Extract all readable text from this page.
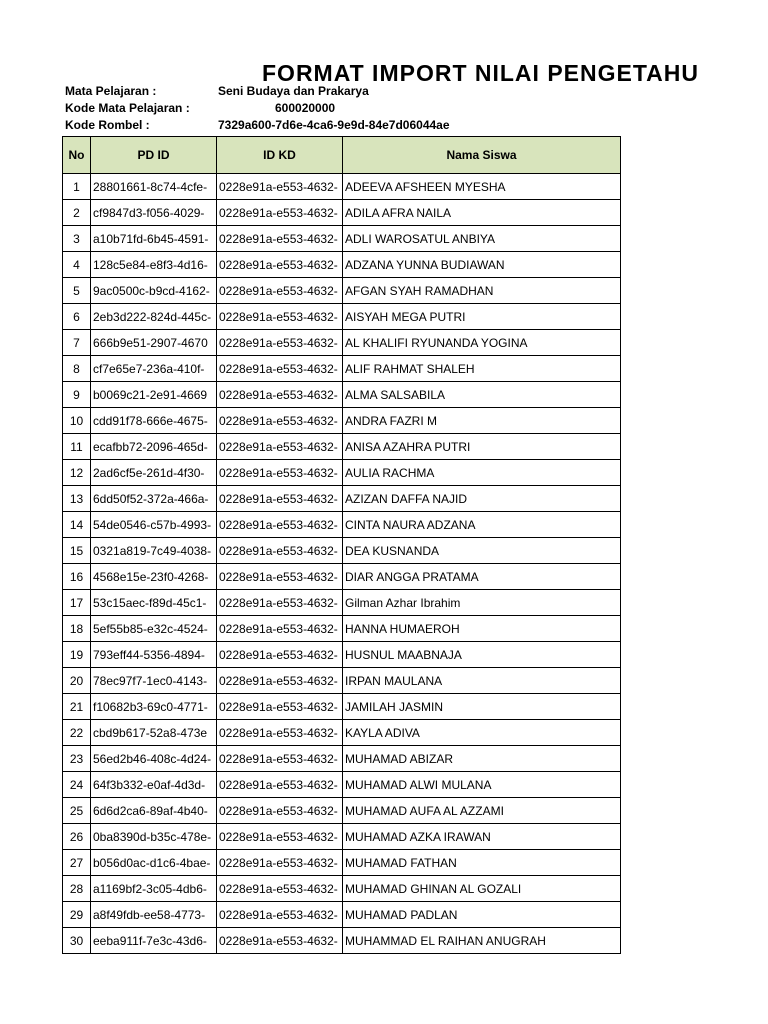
FORMAT IMPORT NILAI PENGETAHU
Mata Pelajaran :	Seni Budaya dan Prakarya
Kode Mata Pelajaran :	600020000
Kode Rombel :	7329a600-7d6e-4ca6-9e9d-84e7d06044ae
No	PD ID	ID KD	Nama Siswa
1	28801661-8c74-4cfe-	0228e91a-e553-4632-	ADEEVA AFSHEEN MYESHA
2	cf9847d3-f056-4029-	0228e91a-e553-4632-	ADILA AFRA NAILA
3	a10b71fd-6b45-4591-	0228e91a-e553-4632-	ADLI WAROSATUL ANBIYA
4	128c5e84-e8f3-4d16-	0228e91a-e553-4632-	ADZANA YUNNA BUDIAWAN
5	9ac0500c-b9cd-4162-	0228e91a-e553-4632-	AFGAN SYAH RAMADHAN
6	2eb3d222-824d-445c-	0228e91a-e553-4632-	AISYAH MEGA PUTRI
7	666b9e51-2907-4670	0228e91a-e553-4632-	AL KHALIFI RYUNANDA YOGINA
8	cf7e65e7-236a-410f-	0228e91a-e553-4632-	ALIF RAHMAT SHALEH
9	b0069c21-2e91-4669	0228e91a-e553-4632-	ALMA SALSABILA
10	cdd91f78-666e-4675-	0228e91a-e553-4632-	ANDRA FAZRI M
11	ecafbb72-2096-465d-	0228e91a-e553-4632-	ANISA AZAHRA PUTRI
12	2ad6cf5e-261d-4f30-	0228e91a-e553-4632-	AULIA RACHMA
13	6dd50f52-372a-466a-	0228e91a-e553-4632-	AZIZAN DAFFA NAJID
14	54de0546-c57b-4993-	0228e91a-e553-4632-	CINTA NAURA ADZANA
15	0321a819-7c49-4038-	0228e91a-e553-4632-	DEA KUSNANDA
16	4568e15e-23f0-4268-	0228e91a-e553-4632-	DIAR ANGGA PRATAMA
17	53c15aec-f89d-45c1-	0228e91a-e553-4632-	Gilman Azhar Ibrahim
18	5ef55b85-e32c-4524-	0228e91a-e553-4632-	HANNA HUMAEROH
19	793eff44-5356-4894-	0228e91a-e553-4632-	HUSNUL MAABNAJA
20	78ec97f7-1ec0-4143-	0228e91a-e553-4632-	IRPAN MAULANA
21	f10682b3-69c0-4771-	0228e91a-e553-4632-	JAMILAH JASMIN
22	cbd9b617-52a8-473e	0228e91a-e553-4632-	KAYLA ADIVA
23	56ed2b46-408c-4d24-	0228e91a-e553-4632-	MUHAMAD ABIZAR
24	64f3b332-e0af-4d3d-	0228e91a-e553-4632-	MUHAMAD ALWI MULANA
25	6d6d2ca6-89af-4b40-	0228e91a-e553-4632-	MUHAMAD AUFA AL AZZAMI
26	0ba8390d-b35c-478e-	0228e91a-e553-4632-	MUHAMAD AZKA IRAWAN
27	b056d0ac-d1c6-4bae-	0228e91a-e553-4632-	MUHAMAD FATHAN
28	a1169bf2-3c05-4db6-	0228e91a-e553-4632-	MUHAMAD GHINAN AL GOZALI
29	a8f49fdb-ee58-4773-	0228e91a-e553-4632-	MUHAMAD PADLAN
30	eeba911f-7e3c-43d6-	0228e91a-e553-4632-	MUHAMMAD EL RAIHAN ANUGRAH
